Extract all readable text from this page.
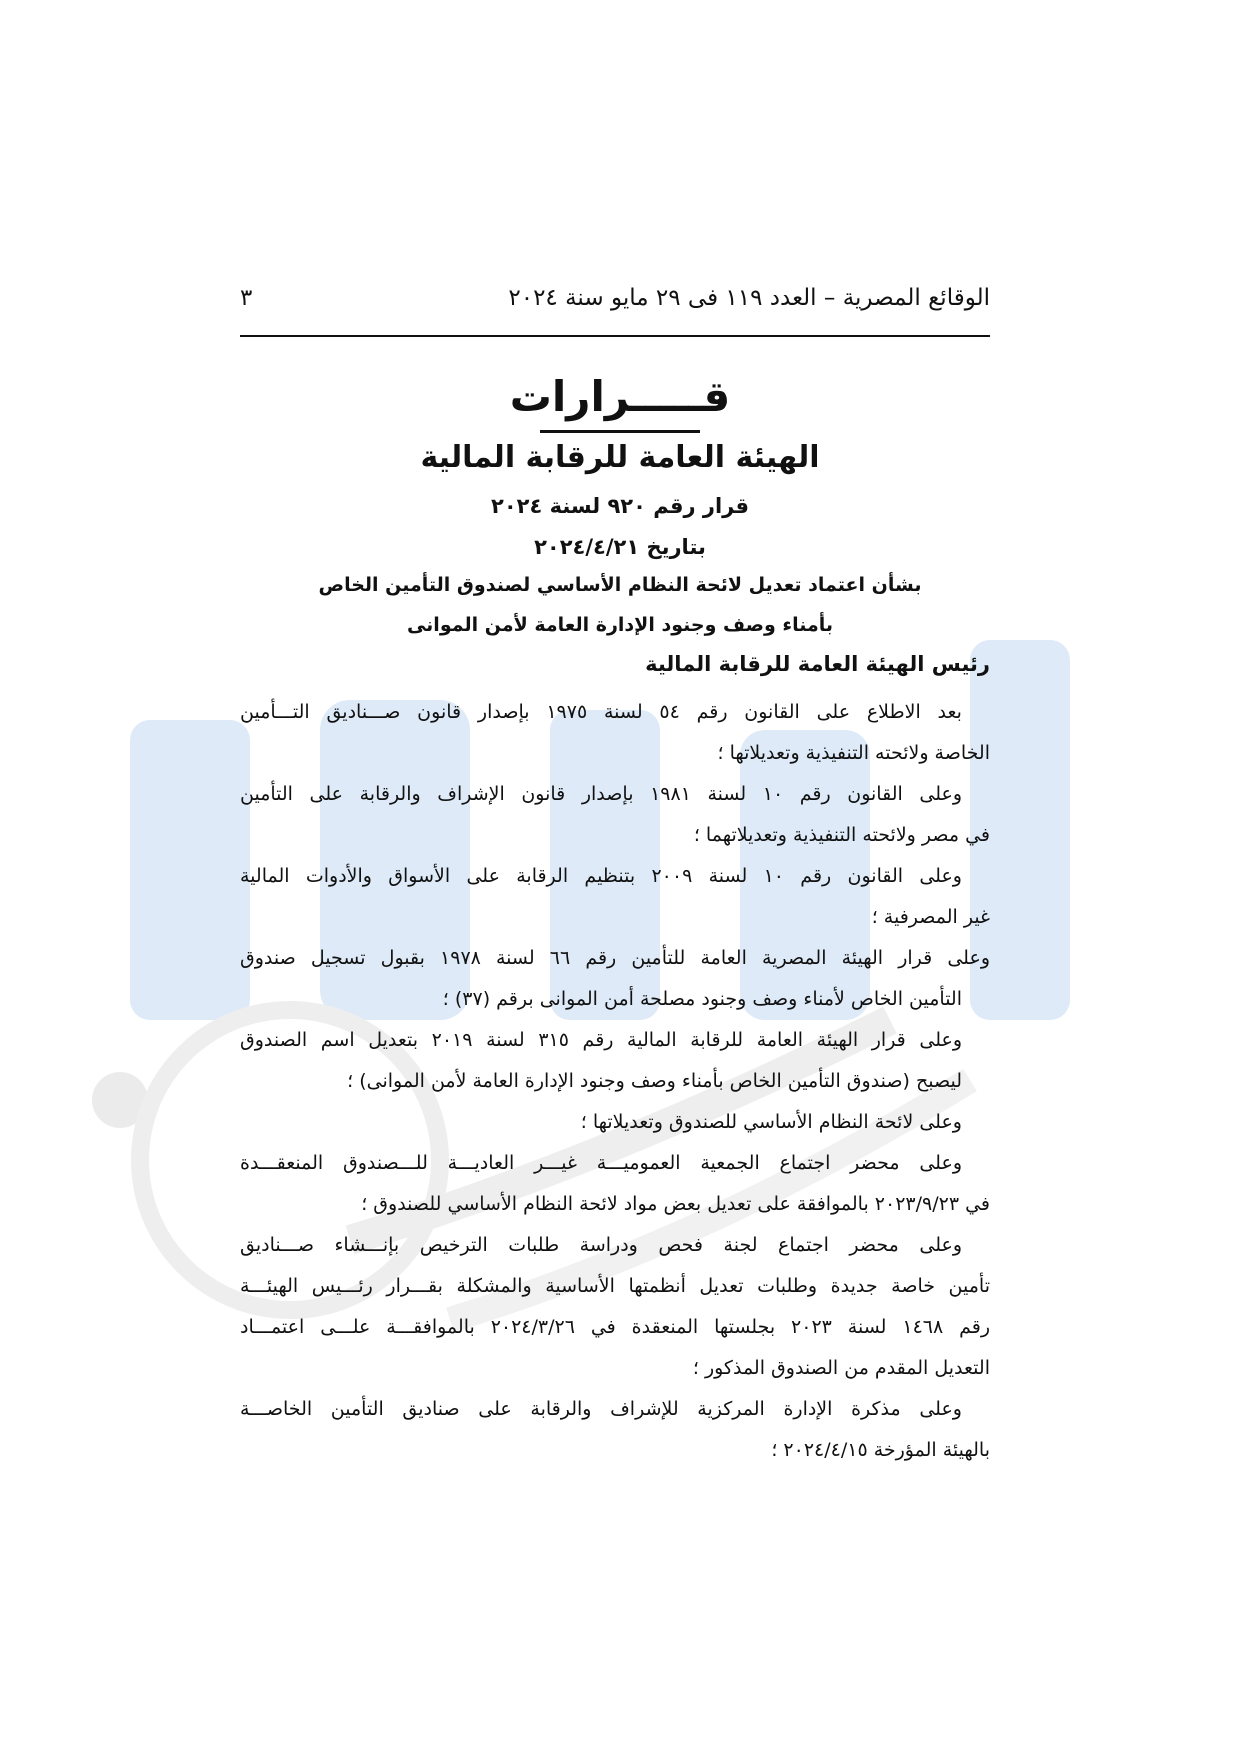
الوقائع المصرية – العدد ١١٩ فى ٢٩ مايو سنة ٢٠٢٤
٣
قـــــرارات
الهيئة العامة للرقابة المالية
قرار رقم ٩٢٠ لسنة ٢٠٢٤
بتاريخ ٢٠٢٤/٤/٢١
بشأن اعتماد تعديل لائحة النظام الأساسي لصندوق التأمين الخاص
بأمناء وصف وجنود الإدارة العامة لأمن الموانى
رئيس الهيئة العامة للرقابة المالية
بعد الاطلاع على القانون رقم ٥٤ لسنة ١٩٧٥ بإصدار قانون صـــناديق التـــأمين
الخاصة ولائحته التنفيذية وتعديلاتها ؛
وعلى القانون رقم ١٠ لسنة ١٩٨١ بإصدار قانون الإشراف والرقابة على التأمين
في مصر ولائحته التنفيذية وتعديلاتهما ؛
وعلى القانون رقم ١٠ لسنة ٢٠٠٩ بتنظيم الرقابة على الأسواق والأدوات المالية
غير المصرفية ؛
وعلى قرار الهيئة المصرية العامة للتأمين رقم ٦٦ لسنة ١٩٧٨ بقبول تسجيل صندوق
التأمين الخاص لأمناء وصف وجنود مصلحة أمن الموانى برقم (٣٧) ؛
وعلى قرار الهيئة العامة للرقابة المالية رقم ٣١٥ لسنة ٢٠١٩ بتعديل اسم الصندوق
ليصبح (صندوق التأمين الخاص بأمناء وصف وجنود الإدارة العامة لأمن الموانى) ؛
وعلى لائحة النظام الأساسي للصندوق وتعديلاتها ؛
وعلى محضر اجتماع الجمعية العموميـــة غيـــر العاديـــة للـــصندوق المنعقـــدة
في ٢٠٢٣/٩/٢٣ بالموافقة على تعديل بعض مواد لائحة النظام الأساسي للصندوق ؛
وعلى محضر اجتماع لجنة فحص ودراسة طلبات الترخيص بإنـــشاء صـــناديق
تأمين خاصة جديدة وطلبات تعديل أنظمتها الأساسية والمشكلة بقـــرار رئـــيس الهيئـــة
رقم ١٤٦٨ لسنة ٢٠٢٣ بجلستها المنعقدة في ٢٠٢٤/٣/٢٦ بالموافقـــة علـــى اعتمـــاد
التعديل المقدم من الصندوق المذكور ؛
وعلى مذكرة الإدارة المركزية للإشراف والرقابة على صناديق التأمين الخاصـــة
بالهيئة المؤرخة ٢٠٢٤/٤/١٥ ؛
